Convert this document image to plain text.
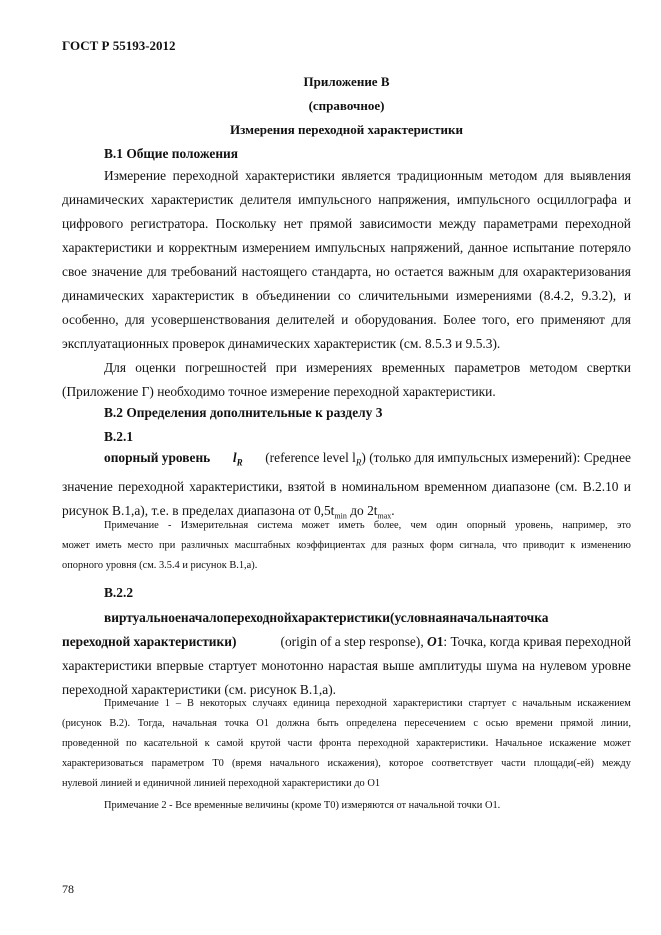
ГОСТ Р 55193-2012
Приложение В
(справочное)
Измерения переходной характеристики
В.1 Общие положения
Измерение переходной характеристики является традиционным методом для выявления
динамических характеристик делителя импульсного напряжения, импульсного осциллографа и
цифрового регистратора. Поскольку нет прямой зависимости между параметрами переходной
характеристики и корректным измерением импульсных напряжений, данное испытание потеряло
свое значение для требований настоящего стандарта, но остается важным для охарактеризования
динамических характеристик в объединении со сличительными измерениями (8.4.2, 9.3.2), и
особенно, для усовершенствования делителей и оборудования. Более того, его применяют для
эксплуатационных проверок динамических характеристик (см. 8.5.3 и 9.5.3).
Для оценки погрешностей при измерениях временных параметров методом свертки
(Приложение Г) необходимо точное измерение переходной характеристики.
В.2 Определения дополнительные к разделу 3
В.2.1
опорный уровень $l_R$ (reference level $l_R$) (только для импульсных измерений): Среднее
значение переходной характеристики, взятой в номинальном временном диапазоне (см. В.2.10 и
рисунок В.1,а), т.е. в пределах диапазона от $0,5t_{min}$ до $2t_{max}$.
Примечание - Измерительная система может иметь более, чем один опорный уровень, например, это
может иметь место при различных масштабных коэффициентах для разных форм сигнала, что приводит к изменению
опорного уровня (см. 3.5.4 и рисунок В.1,а).
В.2.2
виртуальное начало переходной характеристики (условная начальная точка
переходной характеристики)	(origin of a step response), O1: Точка, когда кривая переходной
характеристики впервые стартует монотонно нарастая выше амплитуды шума на нулевом уровне
переходной характеристики (см. рисунок В.1,а).
Примечание 1 – В некоторых случаях единица переходной характеристики стартует с начальным искажением
(рисунок В.2). Тогда, начальная точка O1 должна быть определена пересечением с осью времени прямой линии,
проведенной по касательной к самой крутой части фронта переходной характеристики. Начальное искажение может
характеризоваться параметром T0 (время начального искажения), которое соответствует части площади(-ей) между
нулевой линией и единичной линией переходной характеристики до O1
Примечание 2 - Все временные величины (кроме T0) измеряются от начальной точки O1.
78
